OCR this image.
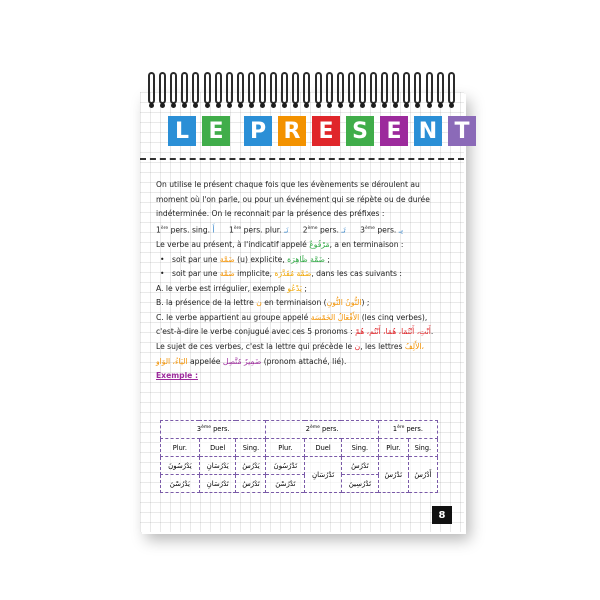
L E P R E S E N T

On utilise le présent chaque fois que les évènements se déroulent au moment où l'on parle, ou pour un événement qui se répète ou de durée indéterminée. On le reconnait par la présence des préfixes :

1ère pers. sing. أَ 1ère pers. plur. نَـ 2ème pers. تَـ 3ème pers. يـ

Le verbe au présent, à l'indicatif appelé مَرْفُوعٌ, a en terminaison :

• soit par une ضَمَّة (u) explicite, ضَمَّة ظَاهِرَة ;

• soit par une ضَمَّة implicite, ضَمَّة مُقَدَّرَة, dans les cas suivants :

A. le verbe est irrégulier, exemple يَدْعُو ;

B. la présence de la lettre ن en terminaison (النُّونُ النُّونِ) ;

C. le verbe appartient au groupe appelé الأَفْعَالُ الخَمْسَة (les cinq verbes),

c'est-à-dire le verbe conjugué avec ces 5 pronoms : أَنْتِ، أَنْتُمَا، هُمَا، أَنْتُم، هُمْ.

Le sujet de ces verbes, c'est la lettre qui précède le ن, les lettres الأَلِفُ،

اليَاءُ، الوَاو appelée ضَمِيرٌ مُتَّصِل (pronom attaché, lié).

Exemple :

3ème pers.			2ème pers.			1ère pers.	
Plur.	Duel	Sing.	Plur.	Duel	Sing.	Plur.	Sing.
يَدْرُسُونَ	يَدْرُسَانِ	يَدْرُسُ	تَدْرُسُونَ	تَدْرُسَانِ	تَدْرُسُ	نَدْرُسُ	أَدْرُسُ
يَدْرُسْنَ	تَدْرُسَانِ	تَدْرُسُ	تَدْرُسْنَ		تَدْرُسِينَ		
8
